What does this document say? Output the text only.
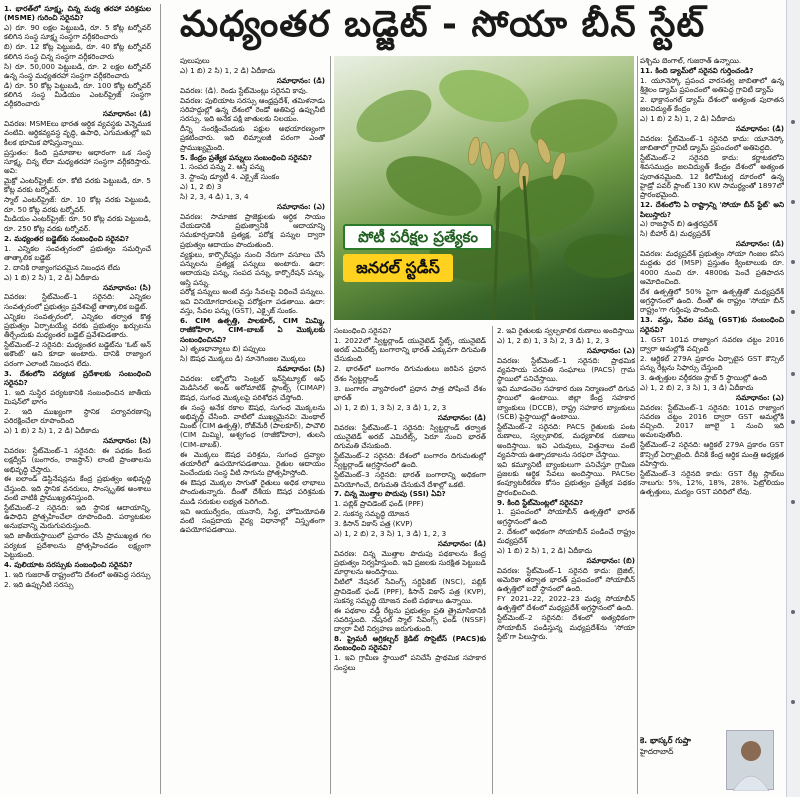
మధ్యంతర బడ్జెట్ - సోయా బీన్ స్టేట్

1. భారత్‌లో సూక్ష్మ, చిన్న మధ్య తరహా పరిశ్రమల (MSME) గురించి సరైనవి?

ఎ) రూ. 90 లక్షల పెట్టుబడి, రూ. 5 కోట్ల టర్నోవర్ కలిగిన సంస్థ సూక్ష్మ సంస్థగా వర్గీకరించారు

బి) రూ. 12 కోట్ల పెట్టుబడి, రూ. 40 కోట్ల టర్నోవర్ కలిగిన సంస్థ చిన్న సంస్థగా వర్గీకరించారు

సి) రూ. 50,000 పెట్టుబడి, రూ. 2 లక్షల టర్నోవర్ ఉన్న సంస్థ మధ్యతరహా సంస్థగా వర్గీకరించారు

డి) రూ. 50 కోట్ల పెట్టుబడి, రూ. 100 కోట్ల టర్నోవర్ కలిగిన సంస్థ మీడియం ఎంటర్‌ప్రైజ్ సంస్థగా వర్గీకరించారు

సమాధానం: (డి)

వివరణ: MSMEలు భారత ఆర్థిక వ్యవస్థకు వెన్నెముక వంటివి. ఆర్థికవ్యవస్థ వృద్ధి, ఉపాధి, ఎగుమతుల్లో ఇవి కీలక భూమిక పోషిస్తున్నాయి.

ప్రస్తుతం: కింది ప్రమాణాల ఆధారంగా ఒక సంస్థ సూక్ష్మ, చిన్న లేదా మధ్యతరహా సంస్థగా వర్గీకరిస్తారు. అవి:

మైక్రో ఎంటర్‌ప్రైజ్: రూ. కోటి వరకు పెట్టుబడి, రూ. 5 కోట్ల వరకు టర్నోవర్.

స్మాల్ ఎంటర్‌ప్రైజ్: రూ. 10 కోట్ల వరకు పెట్టుబడి, రూ. 50 కోట్ల వరకు టర్నోవర్.

మీడియం ఎంటర్‌ప్రైజ్: రూ. 50 కోట్ల వరకు పెట్టుబడి, రూ. 250 కోట్ల వరకు టర్నోవర్.

2. మధ్యంతర బడ్జెట్‌కు సంబంధించి సరైనవి?

1. ఎన్నికల సంవత్సరంలో ప్రభుత్వం సమర్పించే తాత్కాలిక బడ్జెట్

2. దానికి రాజ్యాంగపరమైన నిబంధన లేదు

ఎ) 1 బి) 2 సి) 1, 2 డి) ఏదీకాదు

సమాధానం: (సి)

వివరణ: స్టేట్‌మెంట్–1 సరైనది: ఎన్నికల సంవత్సరంలో ప్రభుత్వం ప్రవేశపెట్టే తాత్కాలిక బడ్జెట్.

ఎన్నికల సంవత్సరంలో, ఎన్నికల తర్వాత కొత్త ప్రభుత్వం ఏర్పాటయ్యే వరకు ప్రభుత్వం ఖర్చులను తీర్చేందుకు మధ్యంతర బడ్జెట్ ప్రవేశపెడతారు.

స్టేట్‌మెంట్–2 సరైనది: మధ్యంతర బడ్జెట్‌ను 'ఓట్ ఆన్ అకౌంట్' అని కూడా అంటారు. దానికి రాజ్యాంగ పరంగా ఎలాంటి నిబంధన లేదు.

3. దేశంలోని పర్యటక ప్రదేశాలకు సంబంధించి సరైనవి?

1. ఇది సుస్థిర పర్యటకానికి సంబంధించిన జాతీయ మిషన్‌లో భాగం

2. ఇది ముఖ్యంగా స్థానిక పర్యావరణాన్ని పరిరక్షించేలా రూపొందింది

ఎ) 1 బి) 2 సి) 1, 2 డి) ఏదీకాదు

సమాధానం: (సి)

వివరణ: స్టేట్‌మెంట్–1 సరైనది: ఈ పథకం కింద లక్షద్వీప్ (బంగారం, రాజస్థాన్) లాంటి ప్రాంతాలను అభివృద్ధి చేస్తారు.

ఈ ఐలాండ్ డెస్టినేషన్లను కేంద్ర ప్రభుత్వం అభివృద్ధి చేస్తుంది. ఇది స్థానిక వనరులు, సాంస్కృతిక అంశాలు వంటి వాటికి ప్రాముఖ్యతనిస్తుంది.

స్టేట్‌మెంట్–2 సరైనది: ఇది స్థానిక ఆదాయాన్ని, ఉపాధిని ప్రోత్సహించేలా రూపొందింది. పర్యాటకుల అనుభవాన్ని మెరుగుపరుస్తుంది.

ఇది జాతీయస్థాయిలో ప్రచారం చేసే ప్రాముఖ్యత గల పర్యటక ప్రదేశాలను ప్రోత్సహించడం లక్ష్యంగా పెట్టుకుంది.

4. పులియాట సరస్సుకు సంబంధించి సరైనవి?

1. ఇది గుజరాత్ రాష్ట్రంలోని దేశంలో అతిపెద్ద సరస్సు

2. ఇది ఉప్పునీటి సరస్సు

పులుపులు

ఎ) 1 బి) 2 సి) 1, 2 డి) ఏదీకాదు

సమాధానం: (డి)

వివరణ: (డి). రెండు స్టేట్‌మెంట్లు సరైనవి కావు.

వివరణ: పులియాట సరస్సు ఆంధ్రప్రదేశ్, తమిళనాడు సరిహద్దుల్లో ఉన్న దేశంలో రెండో అతిపెద్ద ఉప్పునీటి సరస్సు. ఇది అనేక పక్షి జాతులకు నిలయం.

దీన్ని సంరక్షించేందుకు పక్షుల అభయారణ్యంగా ప్రకటించారు. ఇది లిమ్నాలజీ పరంగా ఎంతో ప్రాముఖ్యమైంది.

5. కేంద్రం ప్రత్యేక పన్నులు సంబంధించి సరైనవి?

1. సంపద పన్ను 2. ఆస్తి పన్ను

3. స్టాంపు డ్యూటీ 4. ఎక్సైజ్ సుంకం

ఎ) 1, 2 బి) 3

సి) 2, 3, 4 డి) 1, 3, 4

సమాధానం: (ఎ)

వివరణ: సామాజిక ప్రాజెక్టులకు ఆర్థిక సాయం చేయడానికి ప్రభుత్వానికి ఆదాయాన్ని సమకూర్చడానికి ప్రత్యక్ష, పరోక్ష పన్నుల ద్వారా ప్రభుత్వం ఆదాయం పొందుతుంది.

వ్యక్తులు, కార్పొరేషన్లు నుంచి నేరుగా వసూలు చేసే పన్నులను ప్రత్యక్ష పన్నులు అంటారు. ఉదా: ఆదాయపు పన్ను, సంపద పన్ను, కార్పొరేషన్ పన్ను, ఆస్తి పన్ను.

పరోక్ష పన్నులు అంటే వస్తు సేవలపై విధించే పన్నులు. ఇవి వినియోగదారులపై పరోక్షంగా పడతాయి. ఉదా: వస్తు, సేవల పన్ను (GST), ఎక్సైజ్ సుంకం.

6. CIM ఉత్పత్తి, పాలకూర్, CIM మిమ్మి, రాజీకోహిరా, CIM–బాబక్ ఏ మొక్కలకు సంబంధించినవి?

ఎ) తృణధాన్యాలు బి) పప్పులు

సి) ఔషధ మొక్కలు డి) నూనెగింజల మొక్కలు

సమాధానం: (సి)

వివరణ: లక్నోలోని సెంట్రల్ ఇన్‌స్టిట్యూట్ ఆఫ్ మెడిసినల్ అండ్ అరోమాటిక్ ప్లాంట్స్ (CIMAP) ఔషధ, సుగంధ మొక్కలపై పరిశోధన చేస్తోంది.

ఈ సంస్థ అనేక రకాల ఔషధ, సుగంధ మొక్కలను అభివృద్ధి చేసింది. వాటిలో ముఖ్యమైనవి: మెంథాల్ మింట్ (CIM ఉత్పత్తి), రోజ్‌మేరీ (పాలకూర్), పాచౌలి (CIM మిమ్మి), అశ్వగంధ (రాజీకోహిరా), తులసి (CIM–బాబక్).

ఈ మొక్కలు ఔషధ పరిశ్రమ, సుగంధ ద్రవ్యాల తయారీలో ఉపయోగపడతాయి. రైతుల ఆదాయం పెంచేందుకు సంస్థ వీటి సాగును ప్రోత్సహిస్తోంది.

ఈ ఔషధ మొక్కల సాగుతో రైతులు అధిక లాభాలు పొందుతున్నారు. దీంతో దేశీయ ఔషధ పరిశ్రమకు ముడి సరుకుల లభ్యత పెరిగింది.

ఇవి ఆయుర్వేదం, యునానీ, సిద్ధ, హోమియోపతి వంటి సంప్రదాయ వైద్య విధానాల్లో విస్తృతంగా ఉపయోగపడతాయి.

సంబంధించి సరైనవి?

1. 2022లో స్విట్జర్లాండ్ యునైటెడ్ స్టేట్స్, యునైటెడ్ అరబ్ ఎమిరేట్స్ బంగారాన్ని భారత్ ఎక్కువగా దిగుమతి చేసుకుంది

2. భారత్‌లో బంగారం దిగుమతులు జరిపిన ప్రధాన దేశం స్విట్జర్లాండ్

3. బంగారం వ్యాపారంలో ప్రధాన పాత్ర పోషించే దేశం భారత్

ఎ) 1, 2 బి) 1, 3 సి) 2, 3 డి) 1, 2, 3

సమాధానం: (డి)

వివరణ: స్టేట్‌మెంట్–1 సరైనది: స్విట్జర్లాండ్ తర్వాత యునైటెడ్ అరబ్ ఎమిరేట్స్, పెరూ నుంచి భారత్ దిగుమతి చేసుకుంది.

స్టేట్‌మెంట్–2 సరైనది: దేశంలో బంగారం దిగుమతుల్లో స్విట్జర్లాండ్ అగ్రస్థానంలో ఉంది.

స్టేట్‌మెంట్–3 సరైనది: భారత్ బంగారాన్ని అధికంగా వినియోగించే, దిగుమతి చేసుకునే దేశాల్లో ఒకటి.

7. చిన్న మొత్తాల పొదుపు (SSI) ఏవి?

1. పబ్లిక్ ప్రావిడెంట్ ఫండ్ (PPF)

2. సుకన్య సమృద్ధి యోజన

3. కిసాన్ వికాస్ పత్ర (KVP)

ఎ) 1, 2 బి) 2, 3 సి) 1, 3 డి) 1, 2, 3

సమాధానం: (డి)

వివరణ: చిన్న మొత్తాల పొదుపు పథకాలను కేంద్ర ప్రభుత్వం నిర్వహిస్తుంది. ఇవి ప్రజలకు సురక్షిత పెట్టుబడి మార్గాలను అందిస్తాయి.

వీటిలో నేషనల్ సేవింగ్స్ సర్టిఫికెట్ (NSC), పబ్లిక్ ప్రావిడెంట్ ఫండ్ (PPF), కిసాన్ వికాస్ పత్ర (KVP), సుకన్య సమృద్ధి యోజన వంటి పథకాలు ఉన్నాయి.

ఈ పథకాల వడ్డీ రేట్లను ప్రభుత్వం ప్రతి త్రైమాసికానికి సవరిస్తుంది. నేషనల్ స్మాల్ సేవింగ్స్ ఫండ్ (NSSF) ద్వారా వీటి నిర్వహణ జరుగుతుంది.

8. ప్రైమరీ అగ్రికల్చర్ క్రెడిట్ సొసైటీస్ (PACS)కు సంబంధించి సరైనవి?

1. ఇవి గ్రామీణ స్థాయిలో పనిచేసే ప్రాథమిక సహకార సంస్థలు

2. ఇవి రైతులకు స్వల్పకాలిక రుణాలు అందిస్తాయి

ఎ) 1, 2 బి) 1, 3 సి) 2, 3 డి) 1, 2, 3

సమాధానం: (ఎ)

వివరణ: స్టేట్‌మెంట్–1 సరైనది: ప్రాథమిక వ్యవసాయ పరపతి సంఘాలు (PACS) గ్రామ స్థాయిలో పనిచేస్తాయి.

ఇవి మూడంచెల సహకార రుణ నిర్మాణంలో దిగువ స్థాయిలో ఉంటాయి. జిల్లా కేంద్ర సహకార బ్యాంకులు (DCCB), రాష్ట్ర సహకార బ్యాంకులు (SCB) పైస్థాయిల్లో ఉంటాయి.

స్టేట్‌మెంట్–2 సరైనది: PACS రైతులకు పంట రుణాలు, స్వల్పకాలిక, మధ్యకాలిక రుణాలు అందిస్తాయి. ఇవి ఎరువులు, విత్తనాలు వంటి వ్యవసాయ ఉత్పాదకాలను సరఫరా చేస్తాయి.

ఇవి కమ్యూనిటీ బ్యాంకులుగా పనిచేస్తూ గ్రామీణ ప్రజలకు ఆర్థిక సేవలు అందిస్తాయి. PACSల కంప్యూటరీకరణ కోసం ప్రభుత్వం ప్రత్యేక పథకం ప్రారంభించింది.

9. కింది స్టేట్‌మెంట్లలో సరైనవి?

1. ప్రపంచంలో సోయాబీన్ ఉత్పత్తిలో భారత్ అగ్రస్థానంలో ఉంది

2. దేశంలో అధికంగా సోయాబీన్ పండించే రాష్ట్రం మధ్యప్రదేశ్

ఎ) 1 బి) 2 సి) 1, 2 డి) ఏదీకాదు

సమాధానం: (బి)

వివరణ: స్టేట్‌మెంట్–1 సరైనది కాదు: బ్రెజిల్, అమెరికా తర్వాత భారత్ ప్రపంచంలో సోయాబీన్ ఉత్పత్తిలో ఐదో స్థానంలో ఉంది.

FY 2021–22, 2022–23 మధ్య సోయాబీన్ ఉత్పత్తిలో దేశంలో మధ్యప్రదేశ్ అగ్రస్థానంలో ఉంది.

స్టేట్‌మెంట్–2 సరైనది: దేశంలో అత్యధికంగా సోయాబీన్ పండిస్తున్న మధ్యప్రదేశ్‌ను 'సోయా స్టేట్'గా పిలుస్తారు.

పశ్చిమ బెంగాల్, గుజరాత్ ఉన్నాయి.

11. కింది డ్యామ్‌లో సరైనవి గుర్తించండి?

1. యూనెస్కో ప్రపంచ వారసత్వ జాబితాలో ఉన్న శ్రీశైలం డ్యామ్ ప్రపంచంలో అతిపెద్ద గ్రావిటీ డ్యామ్

2. భాక్రానంగల్ డ్యామ్ దేశంలో అత్యంత పురాతన జలవిద్యుత్ కేంద్రం

ఎ) 1 బి) 2 సి) 1, 2 డి) ఏదీకాదు

సమాధానం: (డి)

వివరణ: స్టేట్‌మెంట్–1 సరైనది కాదు: యూనెస్కో జాబితాలో గ్రావిటీ డ్యామ్ ప్రపంచంలో అతిపెద్దది.

స్టేట్‌మెంట్–2 సరైనది కాదు: కర్ణాటకలోని శివసముద్రం జలవిద్యుత్ కేంద్రం దేశంలో అత్యంత పురాతనమైంది. 12 కిలోమీటర్ల దూరంలో ఉన్న హైడ్రో పవర్ ప్లాంట్ 130 KW సామర్థ్యంతో 1897లో ప్రారంభమైంది.

12. దేశంలోని ఏ రాష్ట్రాన్ని 'సోయా బీన్ స్టేట్' అని పిలుస్తారు?

ఎ) రాజస్థాన్ బి) ఉత్తరప్రదేశ్

సి) బీహార్ డి) మధ్యప్రదేశ్

సమాధానం: (డి)

వివరణ: మధ్యప్రదేశ్ ప్రభుత్వం సోయా గింజల కనీస మద్దతు ధర (MSP) ప్రస్తుతం క్వింటాలుకు రూ. 4000 నుంచి రూ. 4800కు పెంచే ప్రతిపాదన ఆమోదించింది.

దేశ ఉత్పత్తిలో 50% పైగా ఉత్పత్తితో మధ్యప్రదేశ్ అగ్రస్థానంలో ఉంది. దీంతో ఈ రాష్ట్రం 'సోయా బీన్ రాష్ట్రం'గా గుర్తింపు పొందింది.

13. వస్తు, సేవల పన్ను (GST)కు సంబంధించి సరైనవి?

1. GST 101వ రాజ్యాంగ సవరణ చట్టం 2016 ద్వారా అమల్లోకి వచ్చింది

2. ఆర్టికల్ 279A ప్రకారం ఏర్పాటైన GST కౌన్సిల్ పన్ను రేట్లను సిఫార్సు చేస్తుంది

3. ఉత్పత్తుల వర్గీకరణ స్లాబ్ 5 స్థాయిల్లో ఉంది

ఎ) 1, 2 బి) 2, 3 సి) 1, 3 డి) ఏదీకాదు

సమాధానం: (ఎ)

వివరణ: స్టేట్‌మెంట్–1 సరైనది: 101వ రాజ్యాంగ సవరణ చట్టం 2016 ద్వారా GST అమల్లోకి వచ్చింది. 2017 జూలై 1 నుంచి ఇది అమలవుతోంది.

స్టేట్‌మెంట్–2 సరైనది: ఆర్టికల్ 279A ప్రకారం GST కౌన్సిల్ ఏర్పాటైంది. దీనికి కేంద్ర ఆర్థిక మంత్రి అధ్యక్షత వహిస్తారు.

స్టేట్‌మెంట్–3 సరైనది కాదు: GST రేట్ల స్లాబ్‌లు నాలుగు: 5%, 12%, 18%, 28%. పెట్రోలియం ఉత్పత్తులు, మద్యం GST పరిధిలో లేవు.

పోటీ పరీక్షల ప్రత్యేకం
జనరల్ స్టడీస్
కె. భాస్కర్ గుప్తా
హైదరాబాద్
